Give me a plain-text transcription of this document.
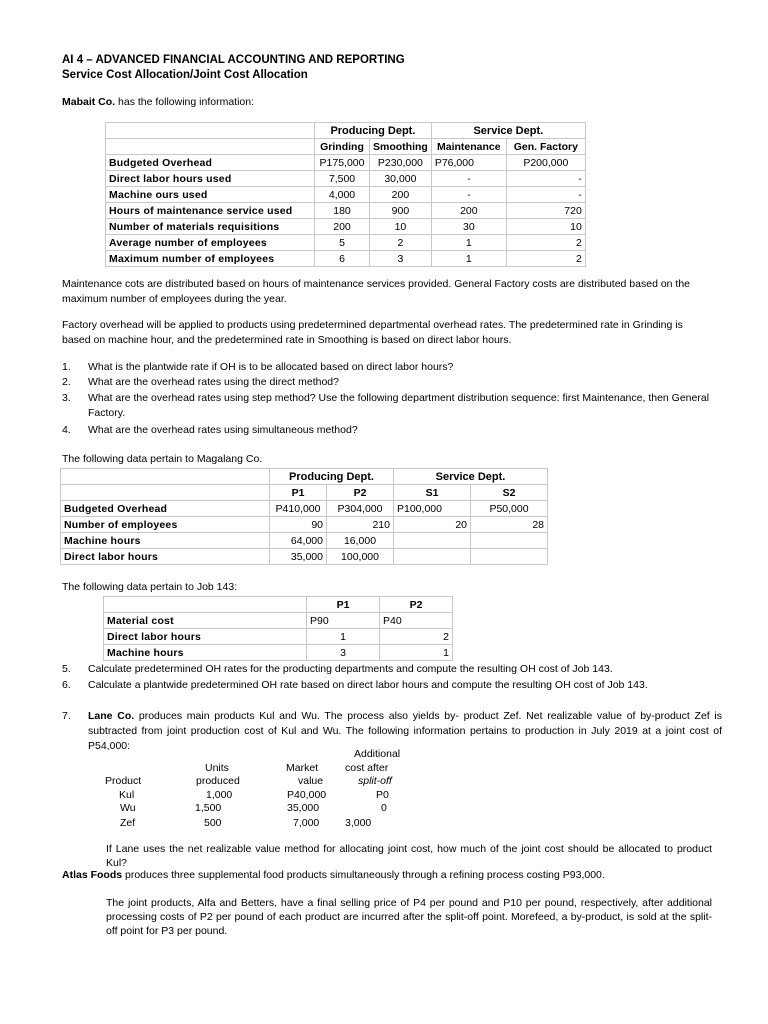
AI 4 – ADVANCED FINANCIAL ACCOUNTING AND REPORTING
Service Cost Allocation/Joint Cost Allocation
Mabait Co. has the following information:
	Producing Dept.		Service Dept.	
	Grinding	Smoothing	Maintenance	Gen. Factory
Budgeted Overhead	P175,000	P230,000	P76,000	P200,000
Direct labor hours used	7,500	30,000	-	-
Machine ours used	4,000	200	-	-
Hours of maintenance service used	180	900	200	720
Number of materials requisitions	200	10	30	10
Average number of employees	5	2	1	2
Maximum number of employees	6	3	1	2

Maintenance cots are distributed based on hours of maintenance services provided. General Factory costs are distributed based on the maximum number of employees during the year.

Factory overhead will be applied to products using predetermined departmental overhead rates. The predetermined rate in Grinding is based on machine hour, and the predetermined rate in Smoothing is based on direct labor hours.

1. What is the plantwide rate if OH is to be allocated based on direct labor hours?
2. What are the overhead rates using the direct method?
3. What are the overhead rates using step method? Use the following department distribution sequence: first Maintenance, then General Factory.
4. What are the overhead rates using simultaneous method?
The following data pertain to Magalang Co.
	Producing Dept.		Service Dept.	
	P1	P2	S1	S2
Budgeted Overhead	P410,000	P304,000	P100,000	P50,000
Number of employees	90	210	20	28
Machine hours	64,000	16,000		
Direct labor hours	35,000	100,000		
The following data pertain to Job 143:
	P1	P2
Material cost	P90	P40
Direct labor hours	1	2
Machine hours	3	1
5. Calculate predetermined OH rates for the producting departments and compute the resulting OH cost of Job 143.
6. Calculate a plantwide predetermined OH rate based on direct labor hours and compute the resulting OH cost of Job 143.
7. Lane Co. produces main products Kul and Wu. The process also yields by- product Zef. Net realizable value of by-product Zef is subtracted from joint production cost of Kul and Wu. The following information pertains to production in July 2019 at a joint cost of P54,000:
Additional
Units	Market	cost after
Product	produced	value	split-off
Kul	1,000	P40,000	P0
Wu	1,500	35,000	0
Zef	500	7,000 3,000

If Lane uses the net realizable value method for allocating joint cost, how much of the joint cost should be allocated to product Kul?

Atlas Foods produces three supplemental food products simultaneously through a refining process costing P93,000.

The joint products, Alfa and Betters, have a final selling price of P4 per pound and P10 per pound, respectively, after additional processing costs of P2 per pound of each product are incurred after the split-off point. Morefeed, a by-product, is sold at the split-off point for P3 per pound.
